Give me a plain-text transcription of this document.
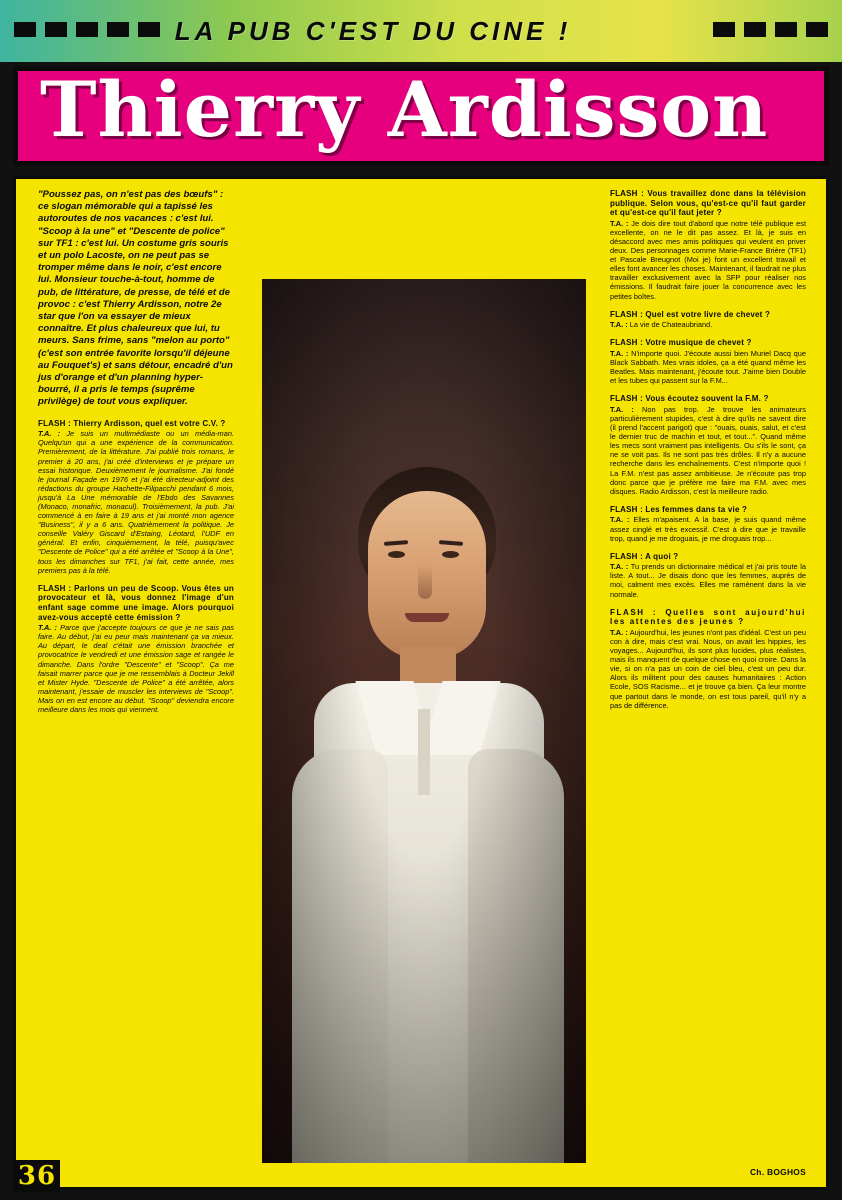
LA PUB C'EST DU CINE !
Thierry Ardisson

"Poussez pas, on n'est pas des bœufs" : ce slogan mémorable qui a tapissé les autoroutes de nos vacances : c'est lui. "Scoop à la une" et "Descente de police" sur TF1 : c'est lui. Un costume gris souris et un polo Lacoste, on ne peut pas se tromper même dans le noir, c'est encore lui. Monsieur touche-à-tout, homme de pub, de littérature, de presse, de télé et de provoc : c'est Thierry Ardisson, notre 2e star que l'on va essayer de mieux connaître. Et plus chaleureux que lui, tu meurs. Sans frime, sans "melon au porto" (c'est son entrée favorite lorsqu'il déjeune au Fouquet's) et sans détour, encadré d'un jus d'orange et d'un planning hyper-bourré, il a pris le temps (suprême privilège) de tout vous expliquer.

FLASH : Thierry Ardisson, quel est votre C.V. ?

T.A. : Je suis un multimédiaste ou un média-man. Quelqu'un qui a une expérience de la communication. Premièrement, de la littérature. J'ai publié trois romans, le premier à 20 ans, j'ai créé d'interviews et je prépare un essai historique. Deuxièmement le journalisme. J'ai fondé le journal Façade en 1976 et j'ai été directeur-adjoint des rédactions du groupe Hachette-Filipacchi pendant 6 mois, jusqu'à La Une mémorable de l'Ebdo des Savannes (Monaco, monafric, monacul). Troisièmement, la pub. J'ai commencé à en faire à 19 ans et j'ai monté mon agence "Business", il y a 6 ans. Quatrièmement la politique. Je conseille Valéry Giscard d'Estaing, Léotard, l'UDF en général. Et enfin, cinquièmement, la télé, puisqu'avec "Descente de Police" qui a été arrêtée et "Scoop à la Une", tous les dimanches sur TF1, j'ai fait, cette année, mes premiers pas à la télé.

FLASH : Parlons un peu de Scoop. Vous êtes un provocateur et là, vous donnez l'image d'un enfant sage comme une image. Alors pourquoi avez-vous accepté cette émission ?

T.A. : Parce que j'accepte toujours ce que je ne sais pas faire. Au début, j'ai eu peur mais maintenant ça va mieux. Au départ, le deal c'était une émission branchée et provocatrice le vendredi et une émission sage et rangée le dimanche. Dans l'ordre "Descente" et "Scoop". Ça me faisait marrer parce que je me ressemblais à Docteur Jekill et Mister Hyde. "Descente de Police" a été arrêtée, alors maintenant, j'essaie de muscler les interviews de "Scoop". Mais on en est encore au début. "Scoop" deviendra encore meilleure dans les mois qui viennent.

FLASH : Vous travaillez donc dans la télévision publique. Selon vous, qu'est-ce qu'il faut garder et qu'est-ce qu'il faut jeter ?

T.A. : Je dois dire tout d'abord que notre télé publique est excellente, on ne le dit pas assez. Et là, je suis en désaccord avec mes amis politiques qui veulent en priver deux. Des personnages comme Marie-France Brière (TF1) et Pascale Breugnot (Moi je) font un excellent travail et elles font avancer les choses. Maintenant, il faudrait ne plus travailler exclusivement avec la SFP pour réaliser nos émissions. Il faudrait faire jouer la concurrence avec les petites boîtes.

FLASH : Quel est votre livre de chevet ?

T.A. : La vie de Chateaubriand.

FLASH : Votre musique de chevet ?

T.A. : N'importe quoi. J'écoute aussi bien Muriel Dacq que Black Sabbath. Mes vrais idoles, ça a été quand même les Beatles. Mais maintenant, j'écoute tout. J'aime bien Double et les tubes qui passent sur la F.M...

FLASH : Vous écoutez souvent la F.M. ?

T.A. : Non pas trop. Je trouve les animateurs particulièrement stupides, c'est à dire qu'ils ne savent dire (il prend l'accent parigot) que : "ouais, ouais, salut, et c'est le dernier truc de machin et tout, et tout...". Quand même les mecs sont vraiment pas intelligents. Ou s'ils le sont, ça ne se voit pas. Ils ne sont pas très drôles. Il n'y a aucune recherche dans les enchaînements. C'est n'importe quoi ! La F.M. n'est pas assez ambitieuse. Je n'écoute pas trop donc parce que je préfère me faire ma F.M. avec mes disques. Radio Ardisson, c'est la meilleure radio.

FLASH : Les femmes dans ta vie ?

T.A. : Elles m'apaisent. A la base, je suis quand même assez cinglé et très excessif. C'est à dire que je travaille trop, quand je me droguais, je me droguais trop...

FLASH : A quoi ?

T.A. : Tu prends un dictionnaire médical et j'ai pris toute la liste. A tout... Je disais donc que les femmes, auprès de moi, calment mes excès. Elles me ramènent dans la vie normale.

FLASH : Quelles sont aujourd'hui les attentes des jeunes ?

T.A. : Aujourd'hui, les jeunes n'ont pas d'idéal. C'est un peu con à dire, mais c'est vrai. Nous, on avait les hippies, les voyages... Aujourd'hui, ils sont plus lucides, plus réalistes, mais ils manquent de quelque chose en quoi croire. Dans la vie, si on n'a pas un coin de ciel bleu, c'est un peu dur. Alors ils militent pour des causes humanitaires : Action Ecole, SOS Racisme... et je trouve ça bien. Ça leur montre que partout dans le monde, on est tous pareil, qu'il n'y a pas de différence.

Ch. BOGHOS
36
